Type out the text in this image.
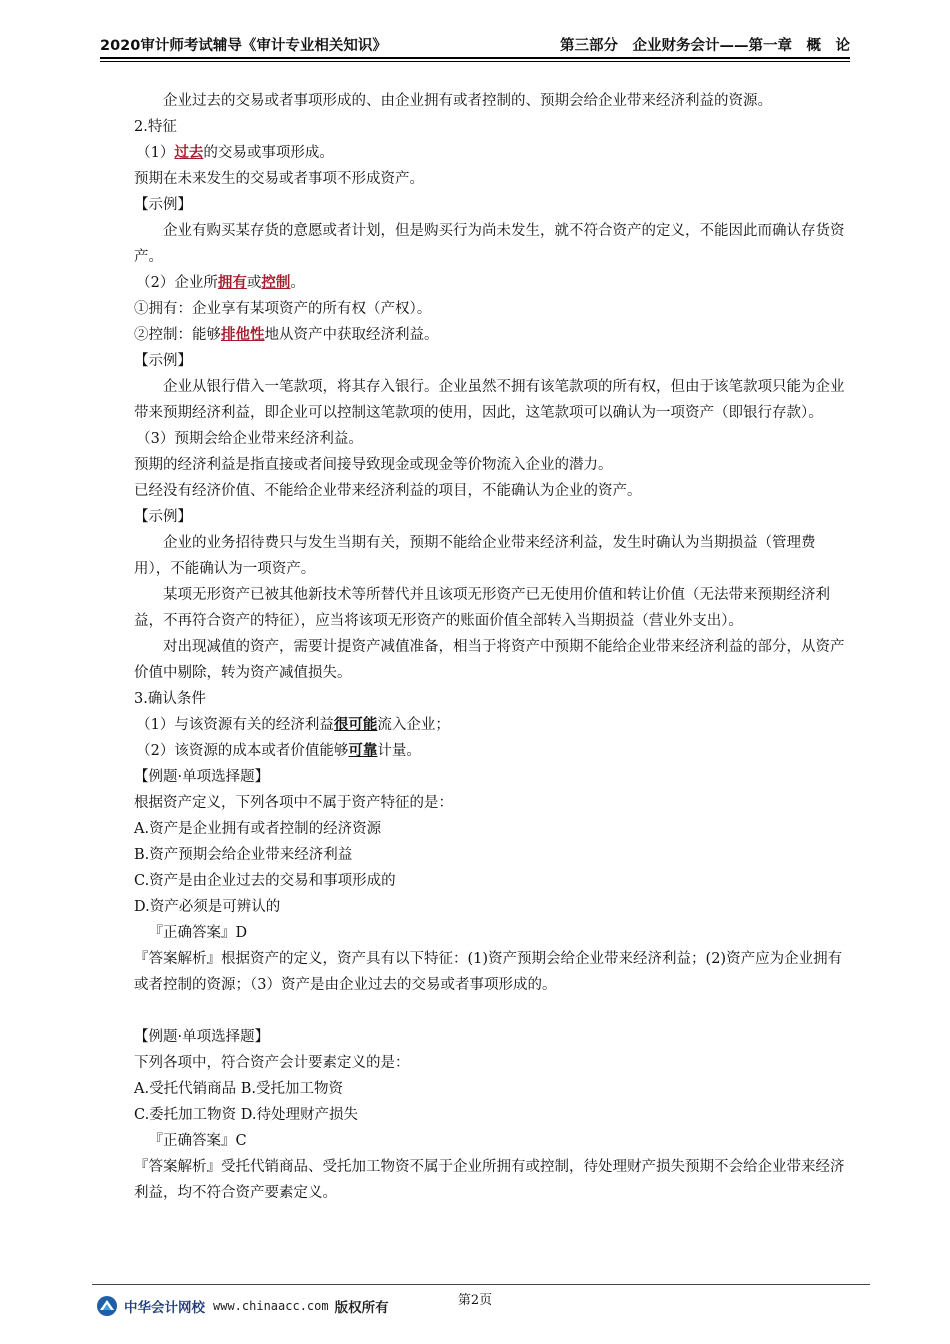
2020审计师考试辅导《审计专业相关知识》	第三部分　企业财务会计——第一章　概　论

企业过去的交易或者事项形成的、由企业拥有或者控制的、预期会给企业带来经济利益的资源。

2.特征

（1）过去的交易或事项形成。

预期在未来发生的交易或者事项不形成资产。

【示例】

企业有购买某存货的意愿或者计划，但是购买行为尚未发生，就不符合资产的定义，不能因此而确认存货资产。

（2）企业所拥有或控制。

①拥有：企业享有某项资产的所有权（产权）。

②控制：能够排他性地从资产中获取经济利益。

【示例】

企业从银行借入一笔款项，将其存入银行。企业虽然不拥有该笔款项的所有权，但由于该笔款项只能为企业带来预期经济利益，即企业可以控制这笔款项的使用，因此，这笔款项可以确认为一项资产（即银行存款）。

（3）预期会给企业带来经济利益。

预期的经济利益是指直接或者间接导致现金或现金等价物流入企业的潜力。

已经没有经济价值、不能给企业带来经济利益的项目，不能确认为企业的资产。

【示例】

企业的业务招待费只与发生当期有关，预期不能给企业带来经济利益，发生时确认为当期损益（管理费用），不能确认为一项资产。

某项无形资产已被其他新技术等所替代并且该项无形资产已无使用价值和转让价值（无法带来预期经济利益，不再符合资产的特征），应当将该项无形资产的账面价值全部转入当期损益（营业外支出）。

对出现减值的资产，需要计提资产减值准备，相当于将资产中预期不能给企业带来经济利益的部分，从资产价值中剔除，转为资产减值损失。

3.确认条件

（1）与该资源有关的经济利益很可能流入企业；

（2）该资源的成本或者价值能够可靠计量。

【例题·单项选择题】

根据资产定义，下列各项中不属于资产特征的是：

A.资产是企业拥有或者控制的经济资源

B.资产预期会给企业带来经济利益

C.资产是由企业过去的交易和事项形成的

D.资产必须是可辨认的

『正确答案』D

『答案解析』根据资产的定义，资产具有以下特征：(1)资产预期会给企业带来经济利益；(2)资产应为企业拥有或者控制的资源；（3）资产是由企业过去的交易或者事项形成的。

【例题·单项选择题】

下列各项中，符合资产会计要素定义的是：

A.受托代销商品 B.受托加工物资

C.委托加工物资 D.待处理财产损失

『正确答案』C

『答案解析』受托代销商品、受托加工物资不属于企业所拥有或控制，待处理财产损失预期不会给企业带来经济利益，均不符合资产要素定义。

第2页
中华会计网校 www.chinaacc.com 版权所有
